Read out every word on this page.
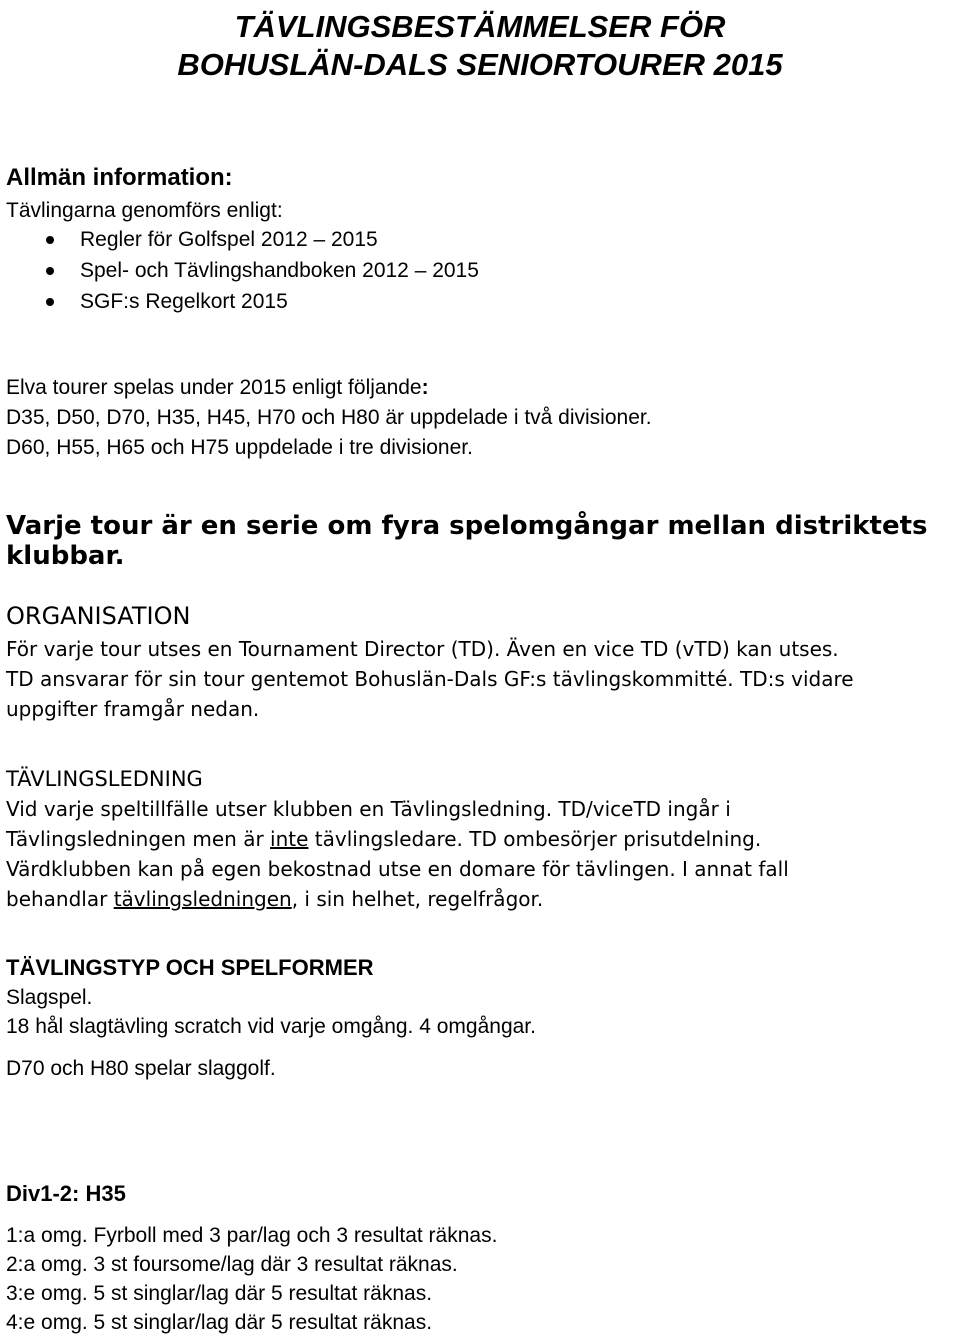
TÄVLINGSBESTÄMMELSER FÖR
BOHUSLÄN-DALS SENIORTOURER 2015
Allmän information:

Tävlingarna genomförs enligt:

Regler för Golfspel 2012 – 2015
Spel- och Tävlingshandboken 2012 – 2015
SGF:s Regelkort 2015
Elva tourer spelas under 2015 enligt följande:
D35, D50, D70, H35, H45, H70 och H80 är uppdelade i två divisioner.
D60, H55, H65 och H75 uppdelade i tre divisioner.
Varje tour är en serie om fyra spelomgångar mellan distriktets
klubbar.
ORGANISATION
För varje tour utses en Tournament Director (TD). Även en vice TD (vTD) kan utses.
TD ansvarar för sin tour gentemot Bohuslän-Dals GF:s tävlingskommitté. TD:s vidare
uppgifter framgår nedan.
TÄVLINGSLEDNING
Vid varje speltillfälle utser klubben en Tävlingsledning. TD/viceTD ingår i
Tävlingsledningen men är inte tävlingsledare. TD ombesörjer prisutdelning.
Värdklubben kan på egen bekostnad utse en domare för tävlingen. I annat fall
behandlar tävlingsledningen, i sin helhet, regelfrågor.
TÄVLINGSTYP OCH SPELFORMER

Slagspel.

18 hål slagtävling scratch vid varje omgång. 4 omgångar.

D70 och H80 spelar slaggolf.

Div1-2: H35
1:a omg. Fyrboll med 3 par/lag och 3 resultat räknas.
2:a omg. 3 st foursome/lag där 3 resultat räknas.
3:e omg. 5 st singlar/lag där 5 resultat räknas.
4:e omg. 5 st singlar/lag där 5 resultat räknas.
